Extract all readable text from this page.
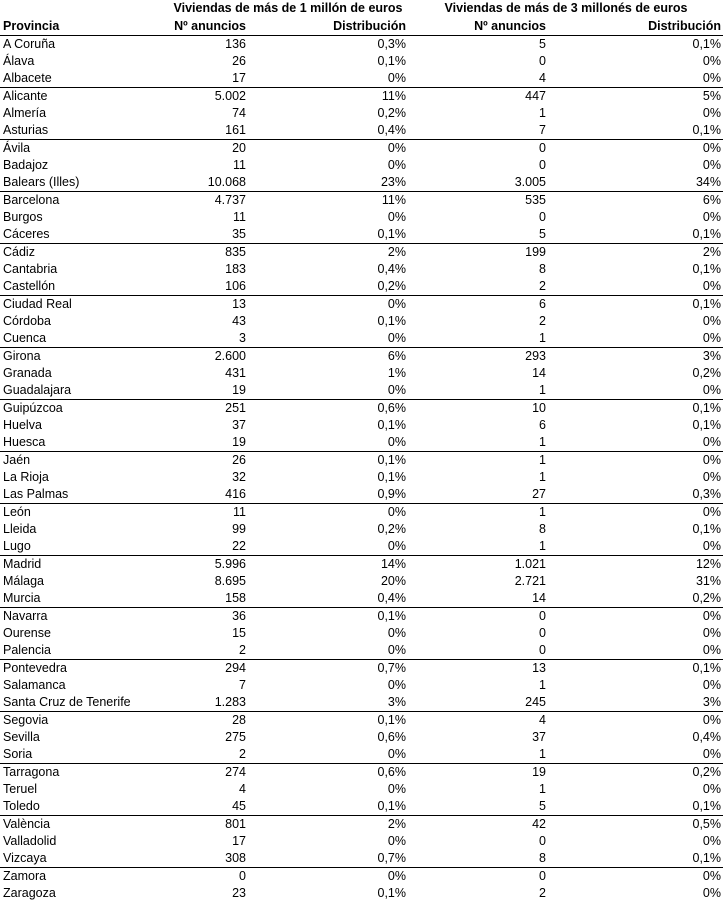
	Viviendas de más de 1 millón de euros		Viviendas de más de 3 millonés de euros	
Provincia	Nº anuncios	Distribución	Nº anuncios	Distribución
A Coruña	136	0,3%	5	0,1%
Álava	26	0,1%	0	0%
Albacete	17	0%	4	0%
Alicante	5.002	11%	447	5%
Almería	74	0,2%	1	0%
Asturias	161	0,4%	7	0,1%
Ávila	20	0%	0	0%
Badajoz	11	0%	0	0%
Balears (Illes)	10.068	23%	3.005	34%
Barcelona	4.737	11%	535	6%
Burgos	11	0%	0	0%
Cáceres	35	0,1%	5	0,1%
Cádiz	835	2%	199	2%
Cantabria	183	0,4%	8	0,1%
Castellón	106	0,2%	2	0%
Ciudad Real	13	0%	6	0,1%
Córdoba	43	0,1%	2	0%
Cuenca	3	0%	1	0%
Girona	2.600	6%	293	3%
Granada	431	1%	14	0,2%
Guadalajara	19	0%	1	0%
Guipúzcoa	251	0,6%	10	0,1%
Huelva	37	0,1%	6	0,1%
Huesca	19	0%	1	0%
Jaén	26	0,1%	1	0%
La Rioja	32	0,1%	1	0%
Las Palmas	416	0,9%	27	0,3%
León	11	0%	1	0%
Lleida	99	0,2%	8	0,1%
Lugo	22	0%	1	0%
Madrid	5.996	14%	1.021	12%
Málaga	8.695	20%	2.721	31%
Murcia	158	0,4%	14	0,2%
Navarra	36	0,1%	0	0%
Ourense	15	0%	0	0%
Palencia	2	0%	0	0%
Pontevedra	294	0,7%	13	0,1%
Salamanca	7	0%	1	0%
Santa Cruz de Tenerife	1.283	3%	245	3%
Segovia	28	0,1%	4	0%
Sevilla	275	0,6%	37	0,4%
Soria	2	0%	1	0%
Tarragona	274	0,6%	19	0,2%
Teruel	4	0%	1	0%
Toledo	45	0,1%	5	0,1%
València	801	2%	42	0,5%
Valladolid	17	0%	0	0%
Vizcaya	308	0,7%	8	0,1%
Zamora	0	0%	0	0%
Zaragoza	23	0,1%	2	0%
